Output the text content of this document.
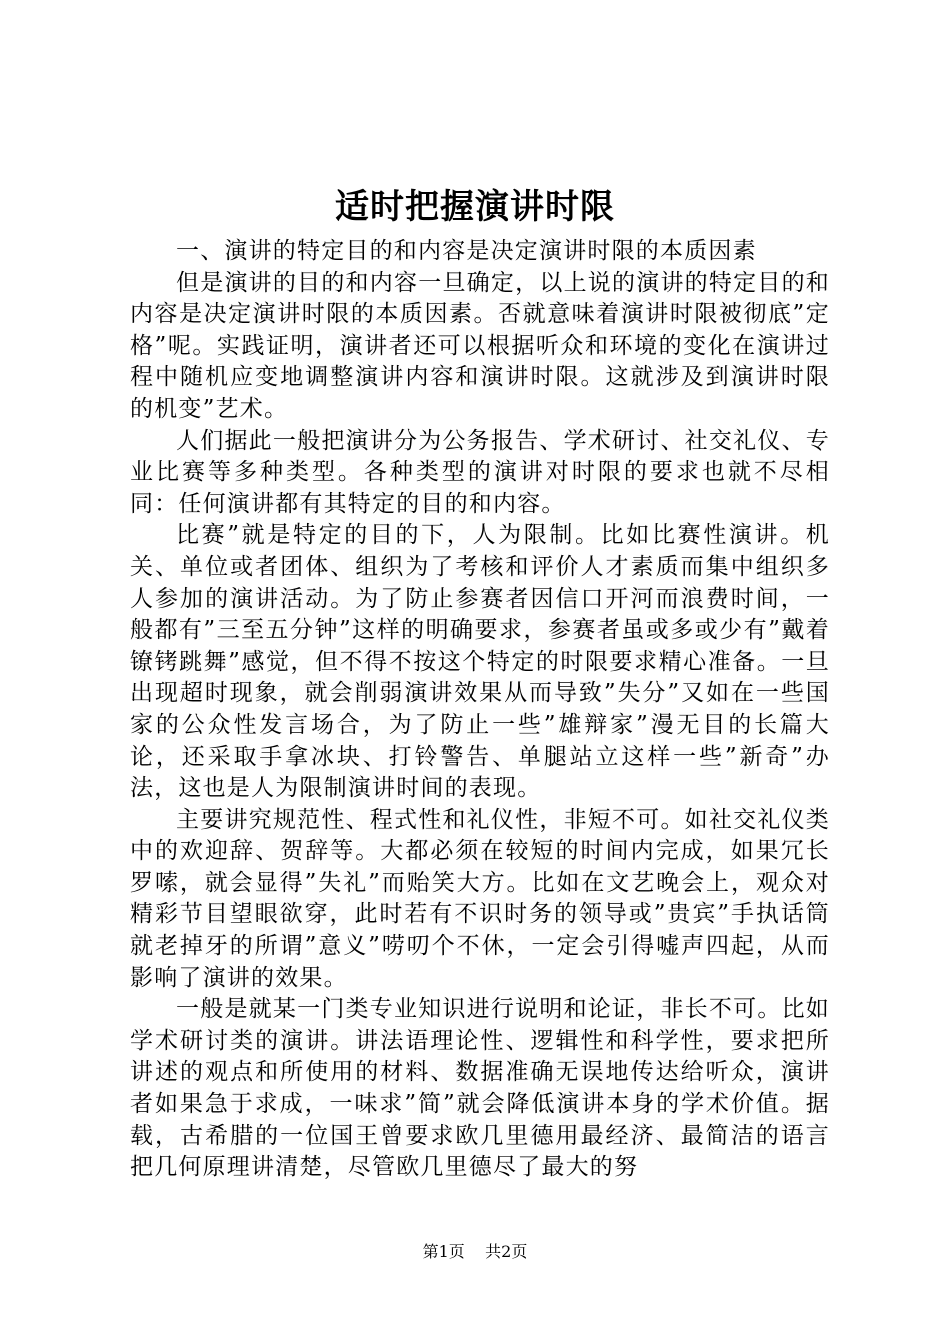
适时把握演讲时限

一、演讲的特定目的和内容是决定演讲时限的本质因素

但是演讲的目的和内容一旦确定，以上说的演讲的特定目的和内容是决定演讲时限的本质因素。否就意味着演讲时限被彻底”定格”呢。实践证明，演讲者还可以根据听众和环境的变化在演讲过程中随机应变地调整演讲内容和演讲时限。这就涉及到演讲时限的机变”艺术。

人们据此一般把演讲分为公务报告、学术研讨、社交礼仪、专业比赛等多种类型。各种类型的演讲对时限的要求也就不尽相同：任何演讲都有其特定的目的和内容。

比赛”就是特定的目的下，人为限制。比如比赛性演讲。机关、单位或者团体、组织为了考核和评价人才素质而集中组织多人参加的演讲活动。为了防止参赛者因信口开河而浪费时间，一般都有”三至五分钟”这样的明确要求，参赛者虽或多或少有”戴着镣铐跳舞”感觉，但不得不按这个特定的时限要求精心准备。一旦出现超时现象，就会削弱演讲效果从而导致”失分”又如在一些国家的公众性发言场合，为了防止一些”雄辩家”漫无目的长篇大论，还采取手拿冰块、打铃警告、单腿站立这样一些”新奇”办法，这也是人为限制演讲时间的表现。

主要讲究规范性、程式性和礼仪性，非短不可。如社交礼仪类中的欢迎辞、贺辞等。大都必须在较短的时间内完成，如果冗长罗嗦，就会显得”失礼”而贻笑大方。比如在文艺晚会上，观众对精彩节目望眼欲穿，此时若有不识时务的领导或”贵宾”手执话筒就老掉牙的所谓”意义”唠叨个不休，一定会引得嘘声四起，从而影响了演讲的效果。

一般是就某一门类专业知识进行说明和论证，非长不可。比如学术研讨类的演讲。讲法语理论性、逻辑性和科学性，要求把所讲述的观点和所使用的材料、数据准确无误地传达给听众，演讲者如果急于求成，一味求”简”就会降低演讲本身的学术价值。据载，古希腊的一位国王曾要求欧几里德用最经济、最简洁的语言把几何原理讲清楚，尽管欧几里德尽了最大的努

第1页 共2页
